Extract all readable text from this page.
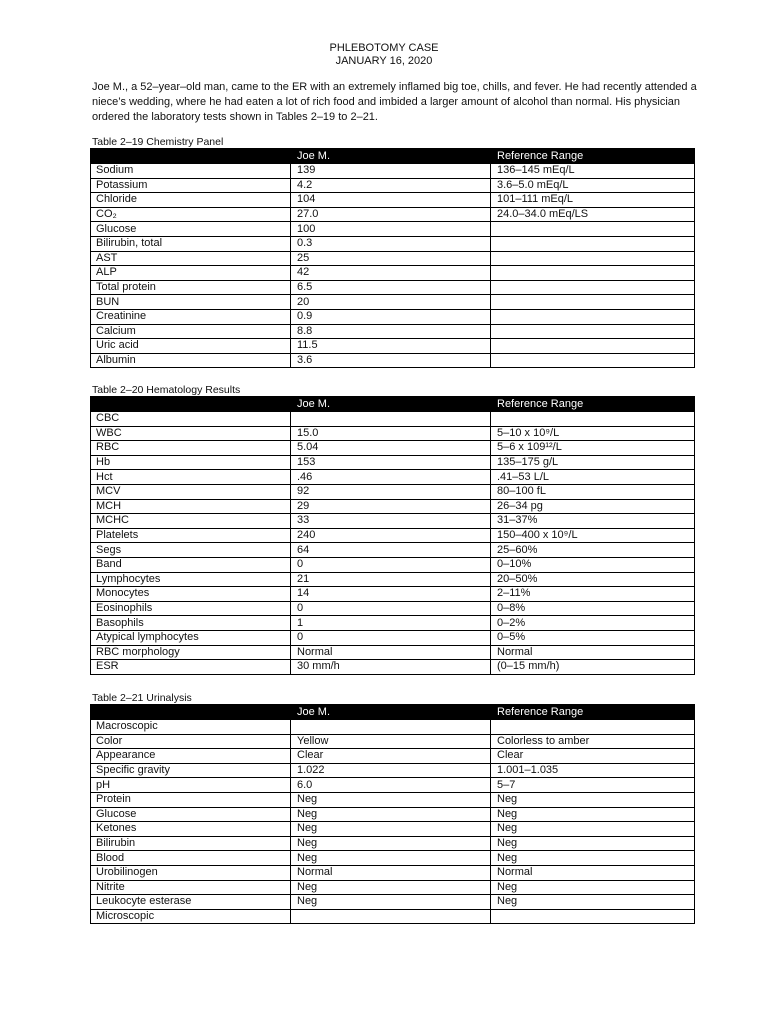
PHLEBOTOMY CASE
JANUARY 16, 2020
Joe M., a 52–year–old man, came to the ER with an extremely inflamed big toe, chills, and fever. He had recently attended a niece’s wedding, where he had eaten a lot of rich food and imbided a larger amount of alcohol than normal. His physician ordered the laboratory tests shown in Tables 2–19 to 2–21.
Table 2–19 Chemistry Panel
	Joe M.	Reference Range
Sodium	139	136–145 mEq/L
Potassium	4.2	3.6–5.0 mEq/L
Chloride	104	101–111 mEq/L
CO₂	27.0	24.0–34.0 mEq/LS
Glucose	100	
Bilirubin, total	0.3	
AST	25	
ALP	42	
Total protein	6.5	
BUN	20	
Creatinine	0.9	
Calcium	8.8	
Uric acid	11.5	
Albumin	3.6	
Table 2–20 Hematology Results
	Joe M.	Reference Range
CBC		
WBC	15.0	5–10 x 10⁹/L
RBC	5.04	5–6 x 109¹²/L
Hb	153	135–175 g/L
Hct	.46	.41–53 L/L
MCV	92	80–100 fL
MCH	29	26–34 pg
MCHC	33	31–37%
Platelets	240	150–400 x 10⁹/L
Segs	64	25–60%
Band	0	0–10%
Lymphocytes	21	20–50%
Monocytes	14	2–11%
Eosinophils	0	0–8%
Basophils	1	0–2%
Atypical lymphocytes	0	0–5%
RBC morphology	Normal	Normal
ESR	30 mm/h	(0–15 mm/h)
Table 2–21 Urinalysis
	Joe M.	Reference Range
Macroscopic		
Color	Yellow	Colorless to amber
Appearance	Clear	Clear
Specific gravity	1.022	1.001–1.035
pH	6.0	5–7
Protein	Neg	Neg
Glucose	Neg	Neg
Ketones	Neg	Neg
Bilirubin	Neg	Neg
Blood	Neg	Neg
Urobilinogen	Normal	Normal
Nitrite	Neg	Neg
Leukocyte esterase	Neg	Neg
Microscopic		
